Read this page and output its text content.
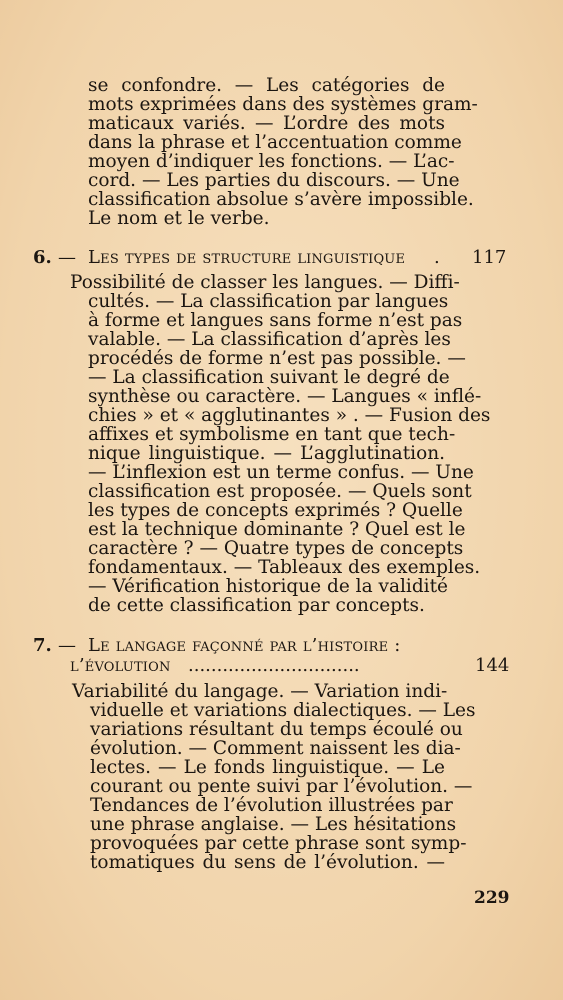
se confondre. — Les catégories de
mots exprimées dans des systèmes gram-
maticaux variés. — L’ordre des mots
dans la phrase et l’accentuation comme
moyen d’indiquer les fonctions. — L’ac-
cord. — Les parties du discours. — Une
classification absolue s’avère impossible.
Le nom et le verbe.
6. — Les types de structure linguistique . 117
Possibilité de classer les langues. — Diffi-
cultés. — La classification par langues
à forme et langues sans forme n’est pas
valable. — La classification d’après les
procédés de forme n’est pas possible. —
— La classification suivant le degré de
synthèse ou caractère. — Langues « inflé-
chies » et « agglutinantes » . — Fusion des
affixes et symbolisme en tant que tech-
nique linguistique. — L’agglutination.
— L’inflexion est un terme confus. — Une
classification est proposée. — Quels sont
les types de concepts exprimés ? Quelle
est la technique dominante ? Quel est le
caractère ? — Quatre types de concepts
fondamentaux. — Tableaux des exemples.
— Vérification historique de la validité
de cette classification par concepts.
7. — Le langage façonné par l’histoire :
l’évolution ..............................	144
Variabilité du langage. — Variation indi-
viduelle et variations dialectiques. — Les
variations résultant du temps écoulé ou
évolution. — Comment naissent les dia-
lectes. — Le fonds linguistique. — Le
courant ou pente suivi par l’évolution. —
Tendances de l’évolution illustrées par
une phrase anglaise. — Les hésitations
provoquées par cette phrase sont symp-
tomatiques du sens de l’évolution. —
229
